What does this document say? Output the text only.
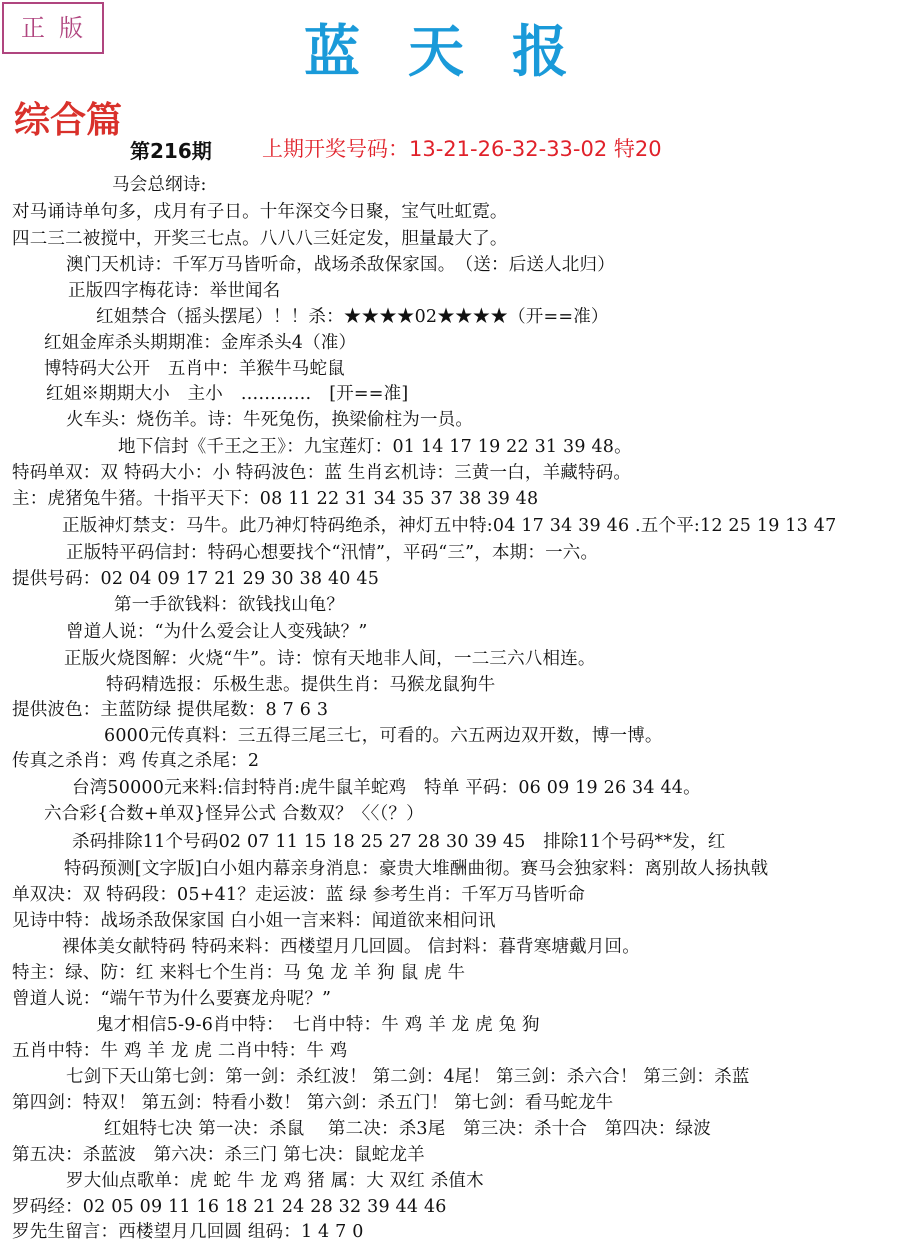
正版	蓝天报
综合篇
第216期 上期开奖号码：13-21-26-32-33-02 特20
马会总纲诗:
对马诵诗单句多，戌月有子日。十年深交今日聚，宝气吐虹霓。
四二三二被搅中，开奖三七点。八八八三妊定发，胆量最大了。
澳门天机诗：千军万马皆听命，战场杀敌保家国。　（送：后送人北归）
正版四字梅花诗：举世闻名
红姐禁合（摇头摆尾）！！杀：★★★★02★★★★（开==准）
红姐金库杀头期期准：金库杀头4（准）
博特码大公开　五肖中：羊猴牛马蛇鼠
红姐※期期大小　主小　…………　[开==准]
火车头：烧伤羊。诗：牛死兔伤，换梁偷柱为一员。
地下信封《千王之王》：九宝莲灯：01 14 17 19 22 31 39 48。
特码单双：双 特码大小：小 特码波色：蓝 生肖玄机诗：三黄一白，羊藏特码。
主：虎猪兔牛猪。十指平天下：08 11 22 31 34 35 37 38 39 48
正版神灯禁支：马牛。此乃神灯特码绝杀，神灯五中特:04 17 34 39 46 .五个平:12 25 19 13 47
正版特平码信封：特码心想要找个“汛情”，平码“三”，本期：一六。
提供号码：02 04 09 17 21 29 30 38 40 45
第一手欲钱料：欲钱找山龟？
曾道人说：“为什么爱会让人变残缺？”
正版火烧图解：火烧“牛”。诗：惊有天地非人间，一二三六八相连。
特码精选报：乐极生悲。提供生肖：马猴龙鼠狗牛
提供波色：主蓝防绿 提供尾数：8 7 6 3
6000元传真料：三五得三尾三七，可看的。六五两边双开数，博一博。
传真之杀肖：鸡 传真之杀尾：2
台湾50000元来料:信封特肖:虎牛鼠羊蛇鸡　特单 平码：06 09 19 26 34 44。
六合彩{合数+单双}怪异公式 合数双？〈〈（？）
杀码排除11个号码02 07 11 15 18 25 27 28 30 39 45　排除11个号码**发，红
特码预测[文字版]白小姐内幕亲身消息：豪贵大堆酬曲彻。赛马会独家料：离别故人扬执戟
单双决：双 特码段：05+41？走运波：蓝 绿 参考生肖：千军万马皆听命
见诗中特：战场杀敌保家国 白小姐一言来料：闻道欲来相问讯
裸体美女献特码 特码来料：西楼望月几回圆。 信封料：暮背寒塘戴月回。
特主：绿、防：红 来料七个生肖：马 兔 龙 羊 狗 鼠 虎 牛
曾道人说：“端午节为什么要赛龙舟呢？”
鬼才相信5-9-6肖中特：　七肖中特：牛 鸡 羊 龙 虎 兔 狗
五肖中特：牛 鸡 羊 龙 虎 二肖中特：牛 鸡
七剑下天山第七剑：第一剑：杀红波！ 第二剑：4尾！ 第三剑：杀六合！ 第三剑：杀蓝
第四剑：特双！ 第五剑：特看小数！ 第六剑：杀五门！ 第七剑：看马蛇龙牛
红姐特七决 第一决：杀鼠　 第二决：杀3尾　第三决：杀十合　第四决：绿波
第五决：杀蓝波　第六决：杀三门 第七决：鼠蛇龙羊
罗大仙点歌单：虎 蛇 牛 龙 鸡 猪 属：大 双红 杀值木
罗码经：02 05 09 11 16 18 21 24 28 32 39 44 46
罗先生留言：西楼望月几回圆 组码：1 4 7 0
